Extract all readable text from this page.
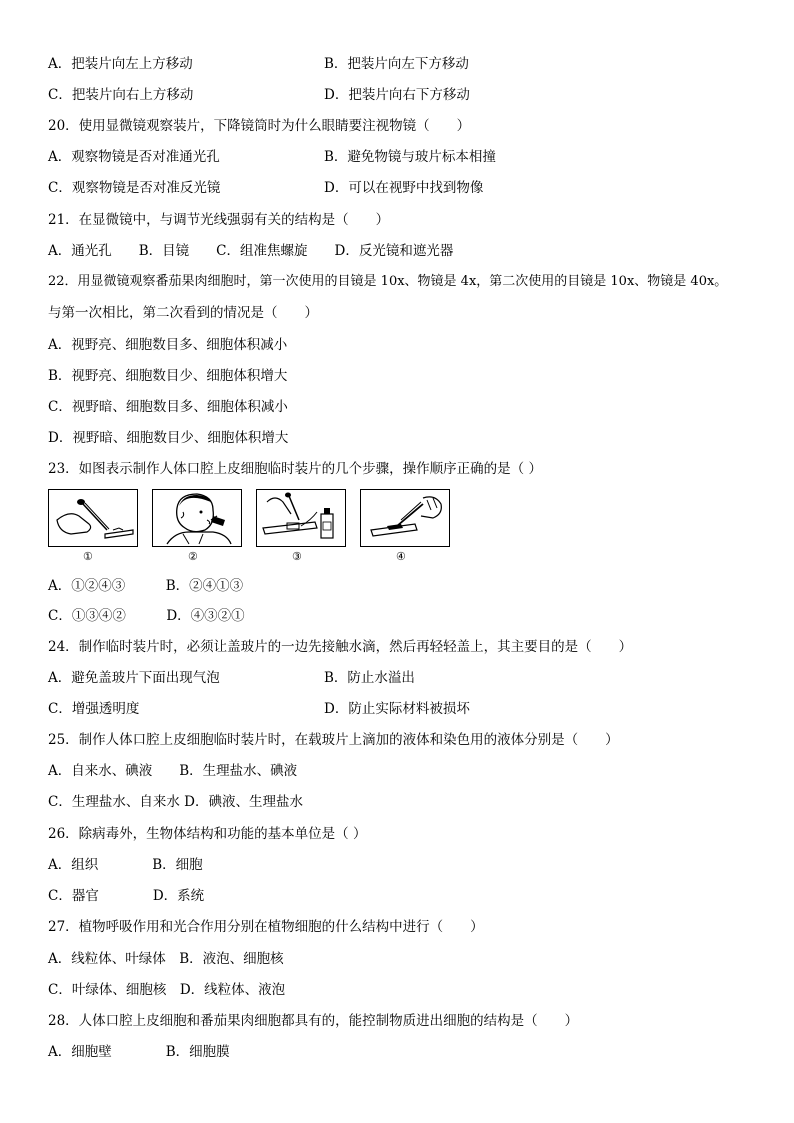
A．把装片向左上方移动	B．把装片向左下方移动
C．把装片向右上方移动	D．把装片向右下方移动
20．使用显微镜观察装片，下降镜筒时为什么眼睛要注视物镜（　　）
A．观察物镜是否对准通光孔	B．避免物镜与玻片标本相撞
C．观察物镜是否对准反光镜	D．可以在视野中找到物像
21．在显微镜中，与调节光线强弱有关的结构是（　　）
A．通光孔　　B．目镜　　C．组准焦螺旋　　D．反光镜和遮光器
22．用显微镜观察番茄果肉细胞时，第一次使用的目镜是 10x、物镜是 4x，第二次使用的目镜是 10x、物镜是 40x。
与第一次相比，第二次看到的情况是（　　）
A．视野亮、细胞数目多、细胞体积减小
B．视野亮、细胞数目少、细胞体积增大
C．视野暗、细胞数目多、细胞体积减小
D．视野暗、细胞数目少、细胞体积增大
23．如图表示制作人体口腔上皮细胞临时装片的几个步骤，操作顺序正确的是（ ）
①	②	③	④
A．①②④③　　　B．②④①③
C．①③④②　　　D．④③②①
24．制作临时装片时，必须让盖玻片的一边先接触水滴，然后再轻轻盖上，其主要目的是（　　）
A．避免盖玻片下面出现气泡	B．防止水溢出
C．增强透明度	D．防止实际材料被损坏
25．制作人体口腔上皮细胞临时装片时，在载玻片上滴加的液体和染色用的液体分别是（　　）
A．自来水、碘液　　B．生理盐水、碘液
C．生理盐水、自来水 D．碘液、生理盐水
26．除病毒外，生物体结构和功能的基本单位是（ ）
A．组织　　　　B．细胞
C．器官　　　　D．系统
27．植物呼吸作用和光合作用分别在植物细胞的什么结构中进行（　　）
A．线粒体、叶绿体　B．液泡、细胞核
C．叶绿体、细胞核　D．线粒体、液泡
28．人体口腔上皮细胞和番茄果肉细胞都具有的，能控制物质进出细胞的结构是（　　）
A．细胞壁　　　　B．细胞膜
